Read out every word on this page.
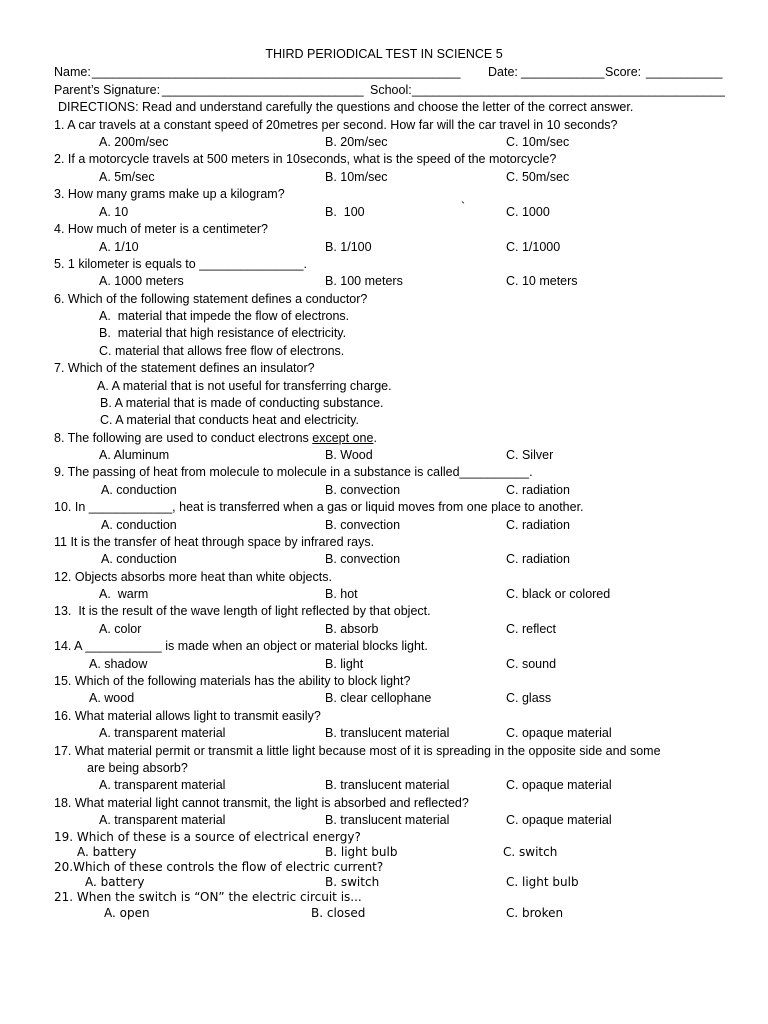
THIRD PERIODICAL TEST IN SCIENCE 5
Name: _____________________________________________________ Date: ____________ Score: ___________
Parent’s Signature: _____________________________ School: _____________________________________________
DIRECTIONS: Read and understand carefully the questions and choose the letter of the correct answer.
1. A car travels at a constant speed of 20metres per second. How far will the car travel in 10 seconds?
A. 200m/sec	B. 20m/sec	C. 10m/sec
2. If a motorcycle travels at 500 meters in 10seconds, what is the speed of the motorcycle?
A. 5m/sec	B. 10m/sec	C. 50m/sec
3. How many grams make up a kilogram?
A. 10	B.  100	`	C. 1000
4. How much of meter is a centimeter?
A. 1/10	B. 1/100	C. 1/1000
5. 1 kilometer is equals to _______________.
A. 1000 meters	B. 100 meters	C. 10 meters
6. Which of the following statement defines a conductor?
A.  material that impede the flow of electrons.
B.  material that high resistance of electricity.
C. material that allows free flow of electrons.
7. Which of the statement defines an insulator?
A. A material that is not useful for transferring charge.
B. A material that is made of conducting substance.
C. A material that conducts heat and electricity.
8. The following are used to conduct electrons except one.
A. Aluminum	B. Wood	C. Silver
9. The passing of heat from molecule to molecule in a substance is called__________.
A. conduction	B. convection	C. radiation
10. In ____________, heat is transferred when a gas or liquid moves from one place to another.
A. conduction	B. convection	C. radiation
11 It is the transfer of heat through space by infrared rays.
A. conduction	B. convection	C. radiation
12. Objects absorbs more heat than white objects.
A.  warm	B. hot	C. black or colored
13.  It is the result of the wave length of light reflected by that object.
A. color	B. absorb	C. reflect
14. A ___________ is made when an object or material blocks light.
A. shadow	B. light	C. sound
15. Which of the following materials has the ability to block light?
A. wood	B. clear cellophane	C. glass
16. What material allows light to transmit easily?
A. transparent material	B. translucent material	C. opaque material
17. What material permit or transmit a little light because most of it is spreading in the opposite side and some
are being absorb?
A. transparent material	B. translucent material	C. opaque material
18. What material light cannot transmit, the light is absorbed and reflected?
A. transparent material	B. translucent material	C. opaque material
19. Which of these is a source of electrical energy?
A. battery	B. light bulb	C. switch
20.Which of these controls the flow of electric current?
A. battery	B. switch	C. light bulb
21. When the switch is “ON” the electric circuit is...
A. open	B. closed	C. broken
